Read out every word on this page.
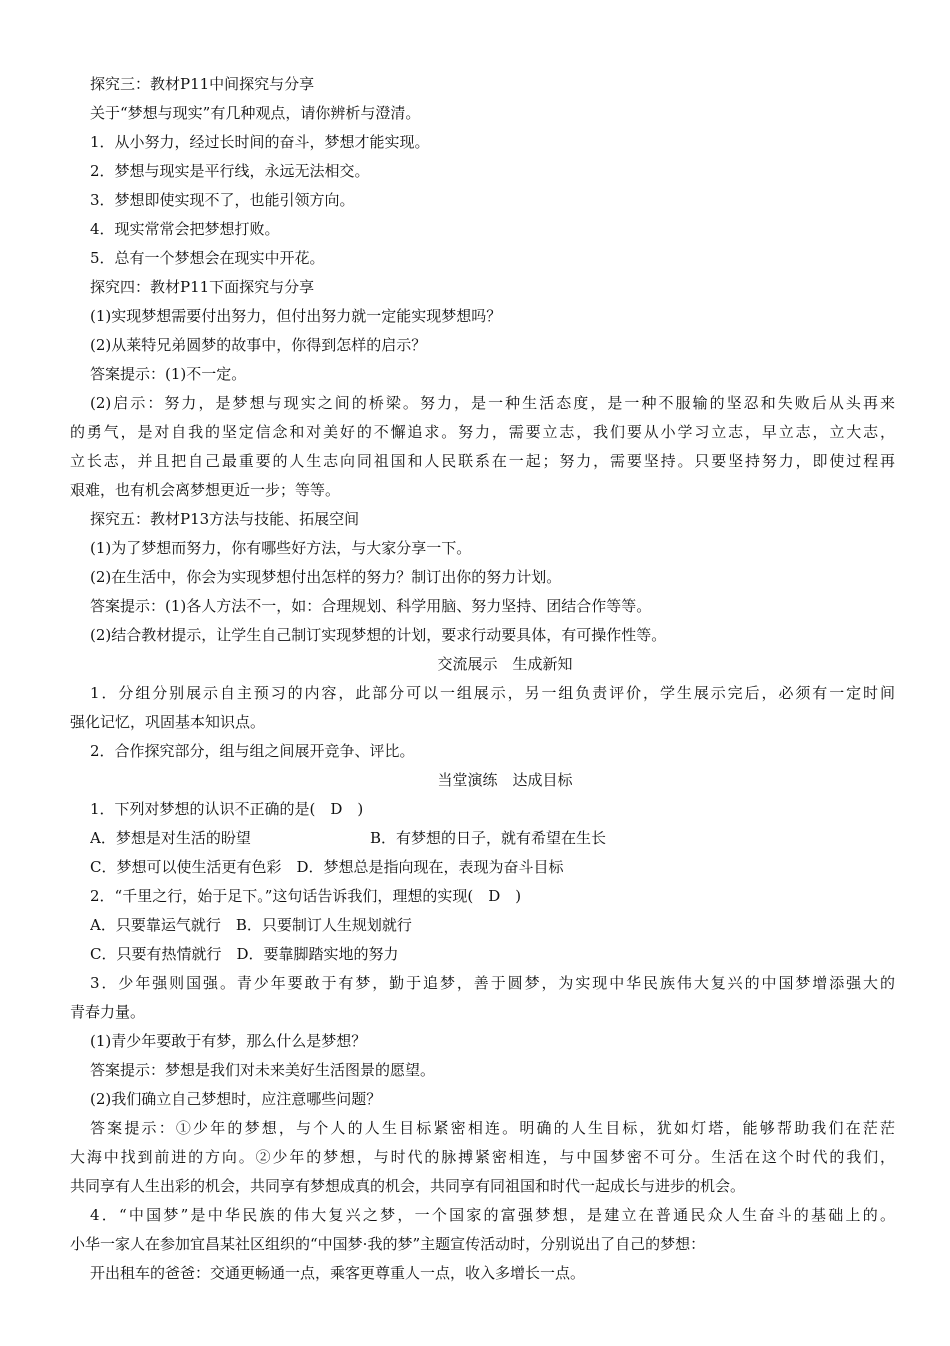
探究三：教材P11中间探究与分享
关于“梦想与现实”有几种观点，请你辨析与澄清。
1．从小努力，经过长时间的奋斗，梦想才能实现。
2．梦想与现实是平行线，永远无法相交。
3．梦想即使实现不了，也能引领方向。
4．现实常常会把梦想打败。
5．总有一个梦想会在现实中开花。
探究四：教材P11下面探究与分享
(1)实现梦想需要付出努力，但付出努力就一定能实现梦想吗？
(2)从莱特兄弟圆梦的故事中，你得到怎样的启示？
答案提示：(1)不一定。
(2)启示：努力，是梦想与现实之间的桥梁。努力，是一种生活态度，是一种不服输的坚忍和失败后从头再来
的勇气，是对自我的坚定信念和对美好的不懈追求。努力，需要立志，我们要从小学习立志，早立志，立大志，
立长志，并且把自己最重要的人生志向同祖国和人民联系在一起；努力，需要坚持。只要坚持努力，即使过程再
艰难，也有机会离梦想更近一步；等等。
探究五：教材P13方法与技能、拓展空间
(1)为了梦想而努力，你有哪些好方法，与大家分享一下。
(2)在生活中，你会为实现梦想付出怎样的努力？制订出你的努力计划。
答案提示：(1)各人方法不一，如：合理规划、科学用脑、努力坚持、团结合作等等。
(2)结合教材提示，让学生自己制订实现梦想的计划，要求行动要具体，有可操作性等。
交流展示　生成新知
1．分组分别展示自主预习的内容，此部分可以一组展示，另一组负责评价，学生展示完后，必须有一定时间
强化记忆，巩固基本知识点。
2．合作探究部分，组与组之间展开竞争、评比。
当堂演练　达成目标
1．下列对梦想的认识不正确的是(　D　)
A．梦想是对生活的盼望	B．有梦想的日子，就有希望在生长
C．梦想可以使生活更有色彩　D．梦想总是指向现在，表现为奋斗目标
2．“千里之行，始于足下。”这句话告诉我们，理想的实现(　D　)
A．只要靠运气就行　B．只要制订人生规划就行
C．只要有热情就行　D．要靠脚踏实地的努力
3．少年强则国强。青少年要敢于有梦，勤于追梦，善于圆梦，为实现中华民族伟大复兴的中国梦增添强大的
青春力量。
(1)青少年要敢于有梦，那么什么是梦想？
答案提示：梦想是我们对未来美好生活图景的愿望。
(2)我们确立自己梦想时，应注意哪些问题？
答案提示：①少年的梦想，与个人的人生目标紧密相连。明确的人生目标，犹如灯塔，能够帮助我们在茫茫
大海中找到前进的方向。②少年的梦想，与时代的脉搏紧密相连，与中国梦密不可分。生活在这个时代的我们，
共同享有人生出彩的机会，共同享有梦想成真的机会，共同享有同祖国和时代一起成长与进步的机会。
4．“中国梦”是中华民族的伟大复兴之梦，一个国家的富强梦想，是建立在普通民众人生奋斗的基础上的。
小华一家人在参加宜昌某社区组织的“中国梦·我的梦”主题宣传活动时，分别说出了自己的梦想：
开出租车的爸爸：交通更畅通一点，乘客更尊重人一点，收入多增长一点。
